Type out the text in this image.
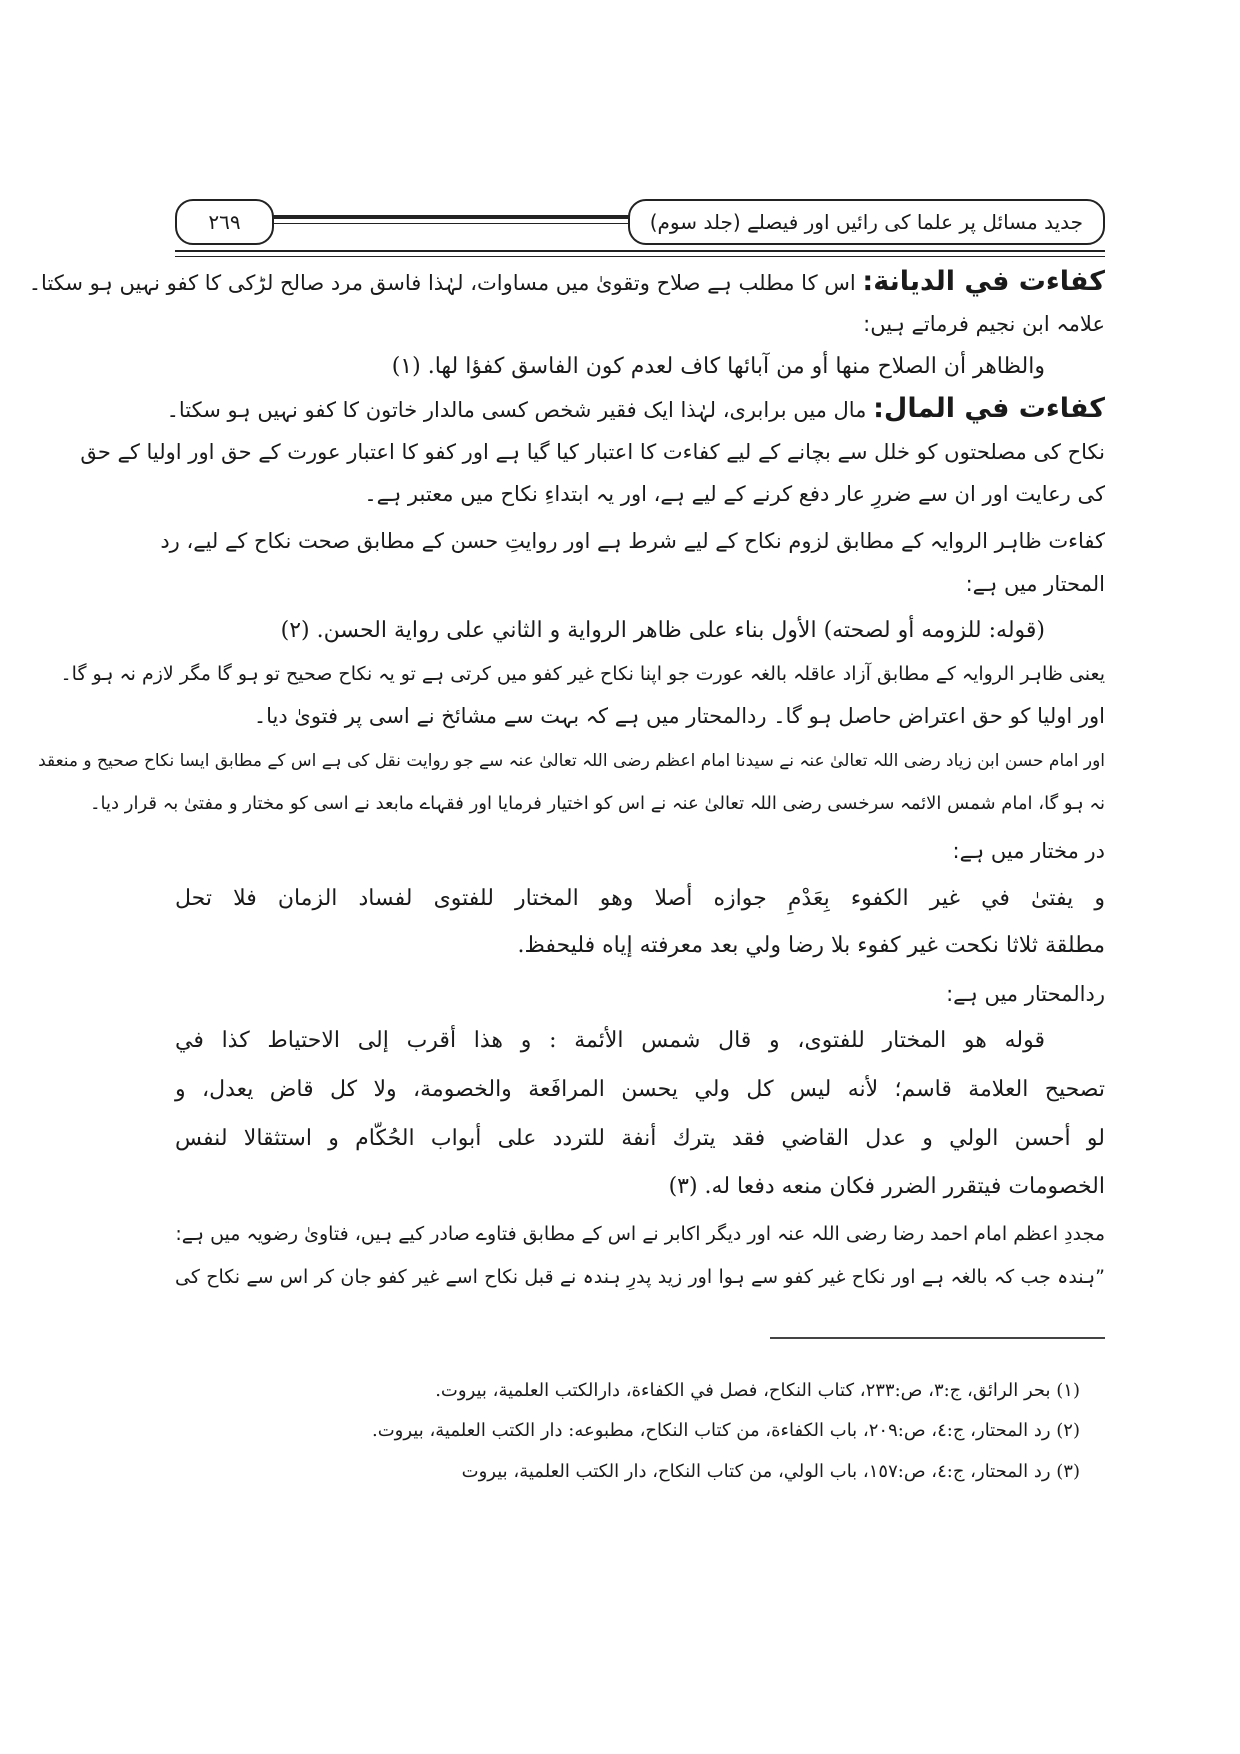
٢٦٩	جدید مسائل پر علما کی رائیں اور فیصلے (جلد سوم)
كفاءت في الديانة: اس کا مطلب ہے صلاح وتقویٰ میں مساوات، لہٰذا فاسق مرد صالح لڑکی کا کفو نہیں ہو سکتا۔
علامہ ابن نجیم فرماتے ہیں:
والظاهر أن الصلاح منها أو من آبائها كاف لعدم كون الفاسق كفؤا لها. (١)
كفاءت في المال: مال میں برابری، لہٰذا ایک فقیر شخص کسی مالدار خاتون کا کفو نہیں ہو سکتا۔
نکاح کی مصلحتوں کو خلل سے بچانے کے لیے کفاءت کا اعتبار کیا گیا ہے اور کفو کا اعتبار عورت کے حق اور اولیا کے حق
کی رعایت اور ان سے ضررِ عار دفع کرنے کے لیے ہے، اور یہ ابتداءِ نکاح میں معتبر ہے۔
کفاءت ظاہر الروایہ کے مطابق لزوم نکاح کے لیے شرط ہے اور روایتِ حسن کے مطابق صحت نکاح کے لیے، رد
المحتار میں ہے:
(قوله: للزومه أو لصحته) الأول بناء على ظاهر الرواية و الثاني على رواية الحسن. (٢)
یعنی ظاہر الروایہ کے مطابق آزاد عاقلہ بالغہ عورت جو اپنا نکاح غیر کفو میں کرتی ہے تو یہ نکاح صحیح تو ہو گا مگر لازم نہ ہو گا۔
اور اولیا کو حق اعتراض حاصل ہو گا۔ ردالمحتار میں ہے کہ بہت سے مشائخ نے اسی پر فتویٰ دیا۔
اور امام حسن ابن زیاد رضی اللہ تعالیٰ عنہ نے سیدنا امام اعظم رضی اللہ تعالیٰ عنہ سے جو روایت نقل کی ہے اس کے مطابق ایسا نکاح صحیح و منعقد
نہ ہو گا، امام شمس الائمہ سرخسی رضی اللہ تعالیٰ عنہ نے اس کو اختیار فرمایا اور فقہاے مابعد نے اسی کو مختار و مفتیٰ بہ قرار دیا۔
در مختار میں ہے:
و يفتىٰ في غير الكفوء بِعَدْمِ جوازه أصلا وهو المختار للفتوى لفساد الزمان فلا تحل
مطلقة ثلاثا نكحت غير كفوء بلا رضا ولي بعد معرفته إياه فليحفظ.
ردالمحتار میں ہے:
قوله هو المختار للفتوى، و قال شمس الأئمة : و هذا أقرب إلى الاحتياط كذا في
تصحيح العلامة قاسم؛ لأنه ليس كل ولي يحسن المرافَعة والخصومة، ولا كل قاض يعدل، و
لو أحسن الولي و عدل القاضي فقد يترك أنفة للتردد على أبواب الحُكّام و استثقالا لنفس
الخصومات فيتقرر الضرر فكان منعه دفعا له. (٣)
مجددِ اعظم امام احمد رضا رضی اللہ عنہ اور دیگر اکابر نے اس کے مطابق فتاوے صادر کیے ہیں، فتاویٰ رضویہ میں ہے:
”ہندہ جب کہ بالغہ ہے اور نکاح غیر کفو سے ہوا اور زید پدرِ ہندہ نے قبل نکاح اسے غیر کفو جان کر اس سے نکاح کی
(١) بحر الرائق، ج:٣، ص:٢٣٣، كتاب النكاح، فصل في الكفاءة، دارالكتب العلمية، بيروت.
(٢) رد المحتار، ج:٤، ص:٢٠٩، باب الكفاءة، من كتاب النكاح، مطبوعه: دار الكتب العلمية، بيروت.
(٣) رد المحتار، ج:٤، ص:١٥٧، باب الولي، من كتاب النكاح، دار الكتب العلمية، بيروت
